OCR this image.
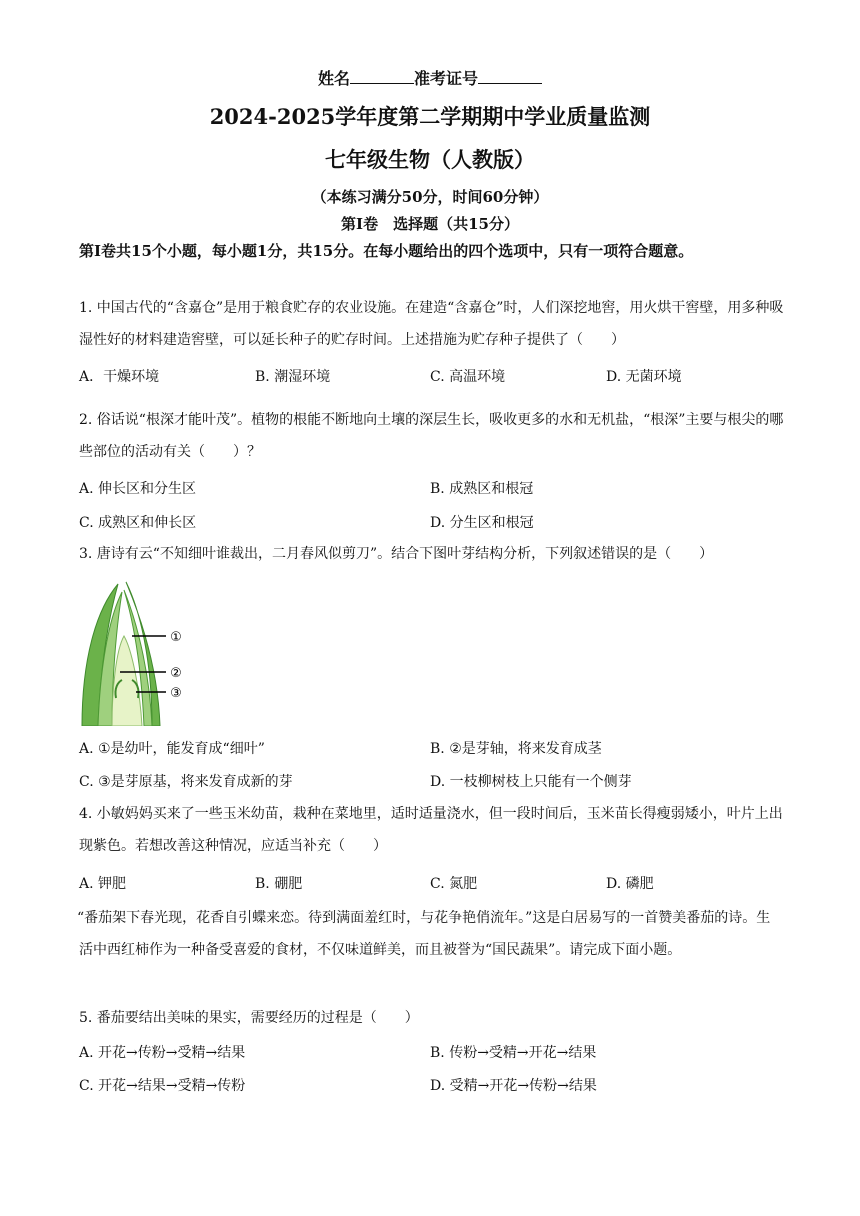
姓名	准考证号
2024-2025学年度第二学期期中学业质量监测
七年级生物（人教版）
（本练习满分50分，时间60分钟）
第Ⅰ卷　选择题（共15分）
第Ⅰ卷共15个小题，每小题1分，共15分。在每小题给出的四个选项中，只有一项符合题意。
1. 中国古代的“含嘉仓”是用于粮食贮存的农业设施。在建造“含嘉仓”时，人们深挖地窖，用火烘干窖壁，用多种吸湿性好的材料建造窖壁，可以延长种子的贮存时间。上述措施为贮存种子提供了（　　）
A．干燥环境	B. 潮湿环境	C. 高温环境	D. 无菌环境
2. 俗话说“根深才能叶茂”。植物的根能不断地向土壤的深层生长，吸收更多的水和无机盐，“根深”主要与根尖的哪些部位的活动有关（　　）？
A. 伸长区和分生区	B. 成熟区和根冠
C. 成熟区和伸长区	D. 分生区和根冠
3. 唐诗有云“不知细叶谁裁出，二月春风似剪刀”。结合下图叶芽结构分析，下列叙述错误的是（　　）
①
②
③
A. ①是幼叶，能发育成“细叶”	B. ②是芽轴，将来发育成茎
C. ③是芽原基，将来发育成新的芽	D. 一枝柳树枝上只能有一个侧芽
4. 小敏妈妈买来了一些玉米幼苗，栽种在菜地里，适时适量浇水，但一段时间后，玉米苗长得瘦弱矮小，叶片上出现紫色。若想改善这种情况，应适当补充（　　）
A. 钾肥	B. 硼肥	C. 氮肥	D. 磷肥
“番茄架下春光现，花香自引蝶来恋。待到满面羞红时，与花争艳俏流年。”这是白居易写的一首赞美番茄的诗。生活中西红柿作为一种备受喜爱的食材，不仅味道鲜美，而且被誉为“国民蔬果”。请完成下面小题。
5. 番茄要结出美味的果实，需要经历的过程是（　　）
A. 开花→传粉→受精→结果	B. 传粉→受精→开花→结果
C. 开花→结果→受精→传粉	D. 受精→开花→传粉→结果
